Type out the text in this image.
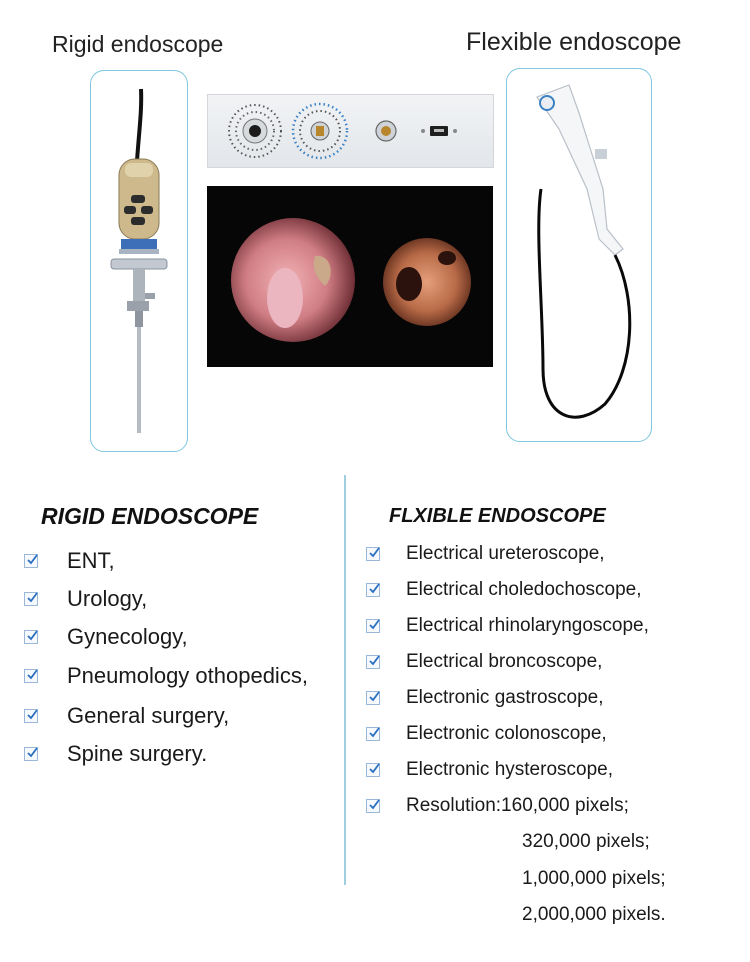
Rigid endoscope	Flexible endoscope
RIGID ENDOSCOPE	FLXIBLE ENDOSCOPE
ENT,
Urology,
Gynecology,
Pneumology othopedics,
General surgery,
Spine surgery.
Electrical ureteroscope,
Electrical choledochoscope,
Electrical rhinolaryngoscope,
Electrical broncoscope,
Electronic gastroscope,
Electronic colonoscope,
Electronic hysteroscope,
Resolution:160,000 pixels;
320,000 pixels;
1,000,000 pixels;
2,000,000 pixels.
